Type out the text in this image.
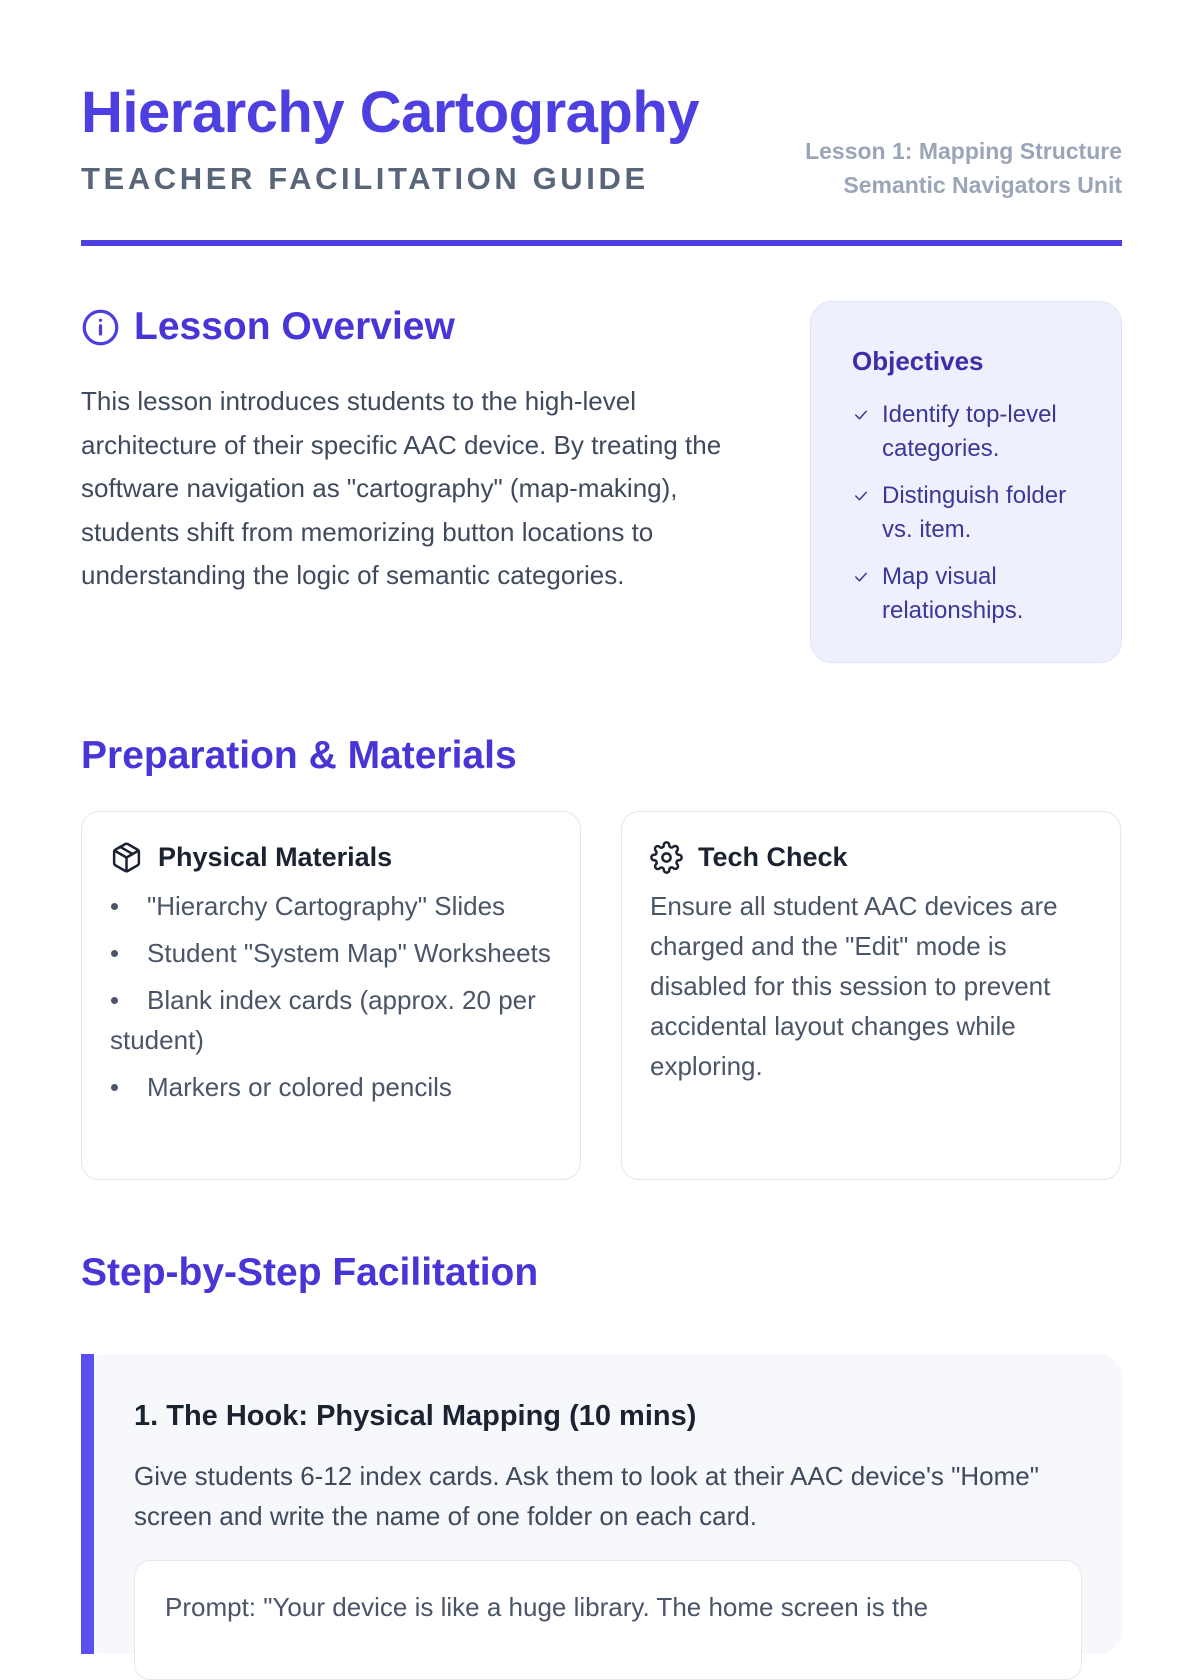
Hierarchy Cartography
TEACHER FACILITATION GUIDE
Lesson 1: Mapping Structure
Semantic Navigators Unit
Lesson Overview

This lesson introduces students to the high-level architecture of their specific AAC device. By treating the software navigation as "cartography" (map-making), students shift from memorizing button locations to understanding the logic of semantic categories.

Objectives
Identify top-level categories.
Distinguish folder vs. item.
Map visual relationships.
Preparation & Materials
Physical Materials
"Hierarchy Cartography" Slides
Student "System Map" Worksheets
Blank index cards (approx. 20 per student)
Markers or colored pencils
Tech Check

Ensure all student AAC devices are charged and the "Edit" mode is disabled for this session to prevent accidental layout changes while exploring.

Step-by-Step Facilitation
1. The Hook: Physical Mapping (10 mins)
Give students 6-12 index cards. Ask them to look at their AAC device's "Home" screen and write the name of one folder on each card.
Prompt: "Your device is like a huge library. The home screen is the
